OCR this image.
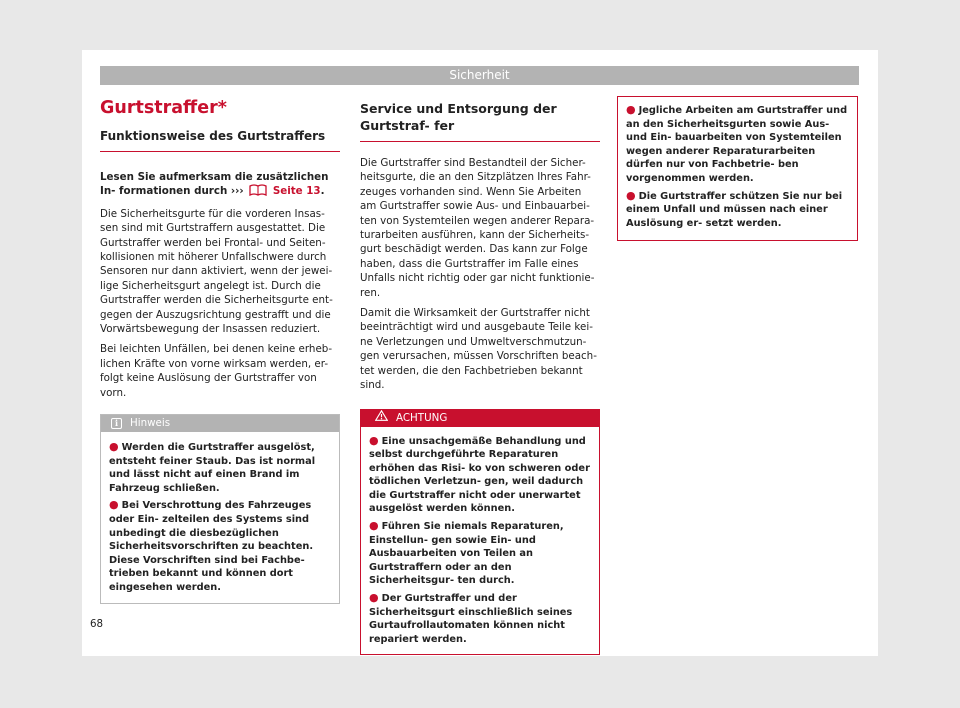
Sicherheit
Gurtstraffer*
Funktionsweise des Gurtstraffers

Lesen Sie aufmerksam die zusätzlichen In- formationen durch ›››	Seite 13.

Die Sicherheitsgurte für die vorderen Insas- sen sind mit Gurtstraffern ausgestattet. Die Gurtstraffer werden bei Frontal- und Seiten- kollisionen mit höherer Unfallschwere durch Sensoren nur dann aktiviert, wenn der jewei- lige Sicherheitsgurt angelegt ist. Durch die Gurtstraffer werden die Sicherheitsgurte ent- gegen der Auszugsrichtung gestrafft und die Vorwärtsbewegung der Insassen reduziert.

Bei leichten Unfällen, bei denen keine erheb- lichen Kräfte von vorne wirksam werden, er- folgt keine Auslösung der Gurtstraffer von vorn.

i	Hinweis
● Werden die Gurtstraffer ausgelöst, entsteht feiner Staub. Das ist normal und lässt nicht auf einen Brand im Fahrzeug schließen.
● Bei Verschrottung des Fahrzeuges oder Ein- zelteilen des Systems sind unbedingt die diesbezüglichen Sicherheitsvorschriften zu beachten. Diese Vorschriften sind bei Fachbe- trieben bekannt und können dort eingesehen werden.
Service und Entsorgung der Gurtstraf- fer

Die Gurtstraffer sind Bestandteil der Sicher- heitsgurte, die an den Sitzplätzen Ihres Fahr- zeuges vorhanden sind. Wenn Sie Arbeiten am Gurtstraffer sowie Aus- und Einbauarbei- ten von Systemteilen wegen anderer Repara- turarbeiten ausführen, kann der Sicherheits- gurt beschädigt werden. Das kann zur Folge haben, dass die Gurtstraffer im Falle eines Unfalls nicht richtig oder gar nicht funktionie- ren.

Damit die Wirksamkeit der Gurtstraffer nicht beeinträchtigt wird und ausgebaute Teile kei- ne Verletzungen und Umweltverschmutzun- gen verursachen, müssen Vorschriften beach- tet werden, die den Fachbetrieben bekannt sind.

ACHTUNG
● Eine unsachgemäße Behandlung und selbst durchgeführte Reparaturen erhöhen das Risi- ko von schweren oder tödlichen Verletzun- gen, weil dadurch die Gurtstraffer nicht oder unerwartet ausgelöst werden können.
● Führen Sie niemals Reparaturen, Einstellun- gen sowie Ein- und Ausbauarbeiten von Teilen an Gurtstraffern oder an den Sicherheitsgur- ten durch.
● Der Gurtstraffer und der Sicherheitsgurt einschließlich seines Gurtaufrollautomaten können nicht repariert werden.
● Jegliche Arbeiten am Gurtstraffer und an den Sicherheitsgurten sowie Aus- und Ein- bauarbeiten von Systemteilen wegen anderer Reparaturarbeiten dürfen nur von Fachbetrie- ben vorgenommen werden.
● Die Gurtstraffer schützen Sie nur bei einem Unfall und müssen nach einer Auslösung er- setzt werden.
68
